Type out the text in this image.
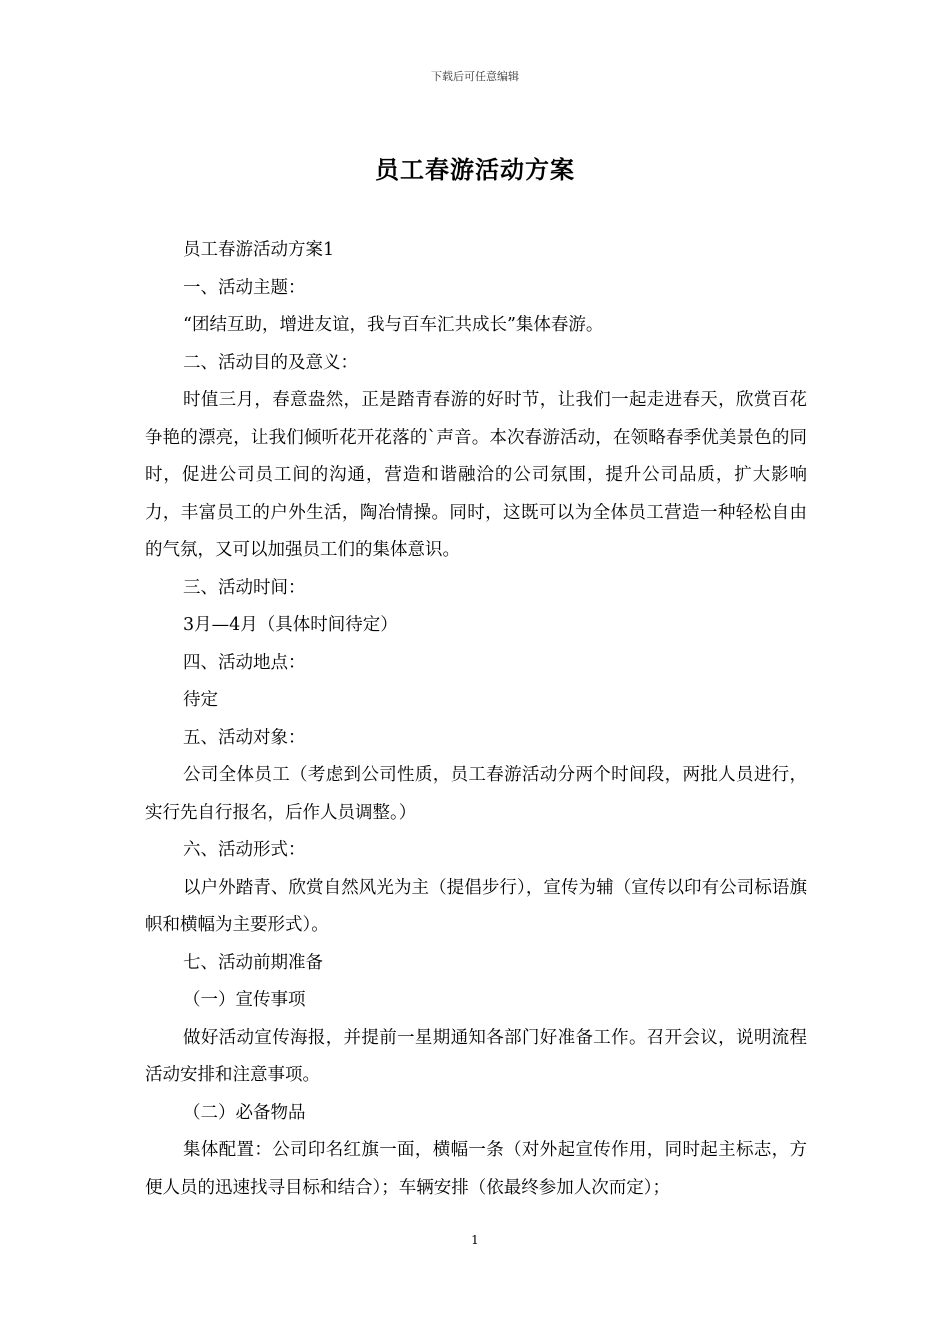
下载后可任意编辑
员工春游活动方案

员工春游活动方案1

一、活动主题：

“团结互助，增进友谊，我与百车汇共成长”集体春游。

二、活动目的及意义：

时值三月，春意盎然，正是踏青春游的好时节，让我们一起走进春天，欣赏百花争艳的漂亮，让我们倾听花开花落的`声音。本次春游活动，在领略春季优美景色的同时，促进公司员工间的沟通，营造和谐融洽的公司氛围，提升公司品质，扩大影响力，丰富员工的户外生活，陶冶情操。同时，这既可以为全体员工营造一种轻松自由的气氛，又可以加强员工们的集体意识。

三、活动时间：

3月—4月（具体时间待定）

四、活动地点：

待定

五、活动对象：

公司全体员工（考虑到公司性质，员工春游活动分两个时间段，两批人员进行，实行先自行报名，后作人员调整。）

六、活动形式：

以户外踏青、欣赏自然风光为主（提倡步行），宣传为辅（宣传以印有公司标语旗帜和横幅为主要形式）。

七、活动前期准备

（一）宣传事项

做好活动宣传海报，并提前一星期通知各部门好准备工作。召开会议，说明流程活动安排和注意事项。

（二）必备物品

集体配置：公司印名红旗一面，横幅一条（对外起宣传作用，同时起主标志，方便人员的迅速找寻目标和结合）；车辆安排（依最终参加人次而定）；

1
